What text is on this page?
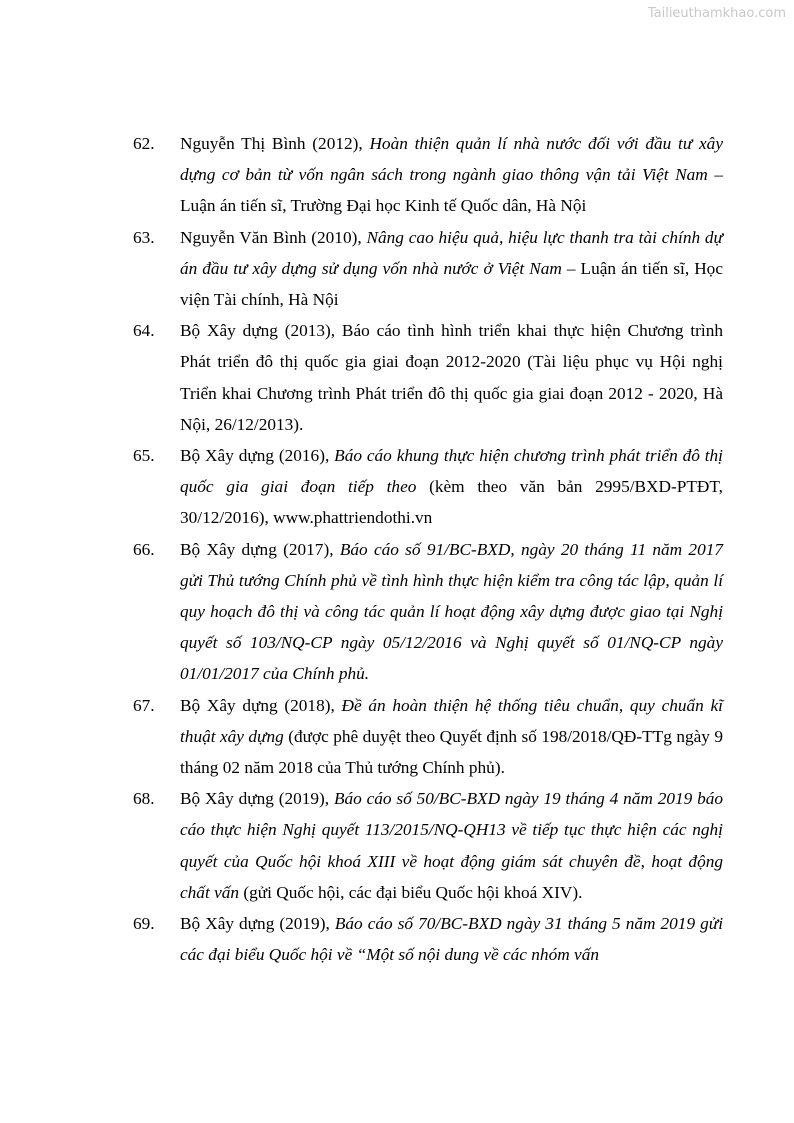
Tailieuthamkhao.com
62. Nguyễn Thị Bình (2012), Hoàn thiện quản lí nhà nước đối với đầu tư xây dựng cơ bản từ vốn ngân sách trong ngành giao thông vận tải Việt Nam – Luận án tiến sĩ, Trường Đại học Kinh tế Quốc dân, Hà Nội
63. Nguyễn Văn Bình (2010), Nâng cao hiệu quả, hiệu lực thanh tra tài chính dự án đầu tư xây dựng sử dụng vốn nhà nước ở Việt Nam – Luận án tiến sĩ, Học viện Tài chính, Hà Nội
64. Bộ Xây dựng (2013), Báo cáo tình hình triển khai thực hiện Chương trình Phát triển đô thị quốc gia giai đoạn 2012-2020 (Tài liệu phục vụ Hội nghị Triển khai Chương trình Phát triển đô thị quốc gia giai đoạn 2012 - 2020, Hà Nội, 26/12/2013).
65. Bộ Xây dựng (2016), Báo cáo khung thực hiện chương trình phát triển đô thị quốc gia giai đoạn tiếp theo (kèm theo văn bản 2995/BXD-PTĐT, 30/12/2016), www.phattriendothi.vn
66. Bộ Xây dựng (2017), Báo cáo số 91/BC-BXD, ngày 20 tháng 11 năm 2017 gửi Thủ tướng Chính phủ về tình hình thực hiện kiểm tra công tác lập, quản lí quy hoạch đô thị và công tác quản lí hoạt động xây dựng được giao tại Nghị quyết số 103/NQ-CP ngày 05/12/2016 và Nghị quyết số 01/NQ-CP ngày 01/01/2017 của Chính phủ.
67. Bộ Xây dựng (2018), Đề án hoàn thiện hệ thống tiêu chuẩn, quy chuẩn kĩ thuật xây dựng (được phê duyệt theo Quyết định số 198/2018/QĐ-TTg ngày 9 tháng 02 năm 2018 của Thủ tướng Chính phủ).
68. Bộ Xây dựng (2019), Báo cáo số 50/BC-BXD ngày 19 tháng 4 năm 2019 báo cáo thực hiện Nghị quyết 113/2015/NQ-QH13 về tiếp tục thực hiện các nghị quyết của Quốc hội khoá XIII về hoạt động giám sát chuyên đề, hoạt động chất vấn (gửi Quốc hội, các đại biểu Quốc hội khoá XIV).
69. Bộ Xây dựng (2019), Báo cáo số 70/BC-BXD ngày 31 tháng 5 năm 2019 gửi các đại biểu Quốc hội về “Một số nội dung về các nhóm vấn
